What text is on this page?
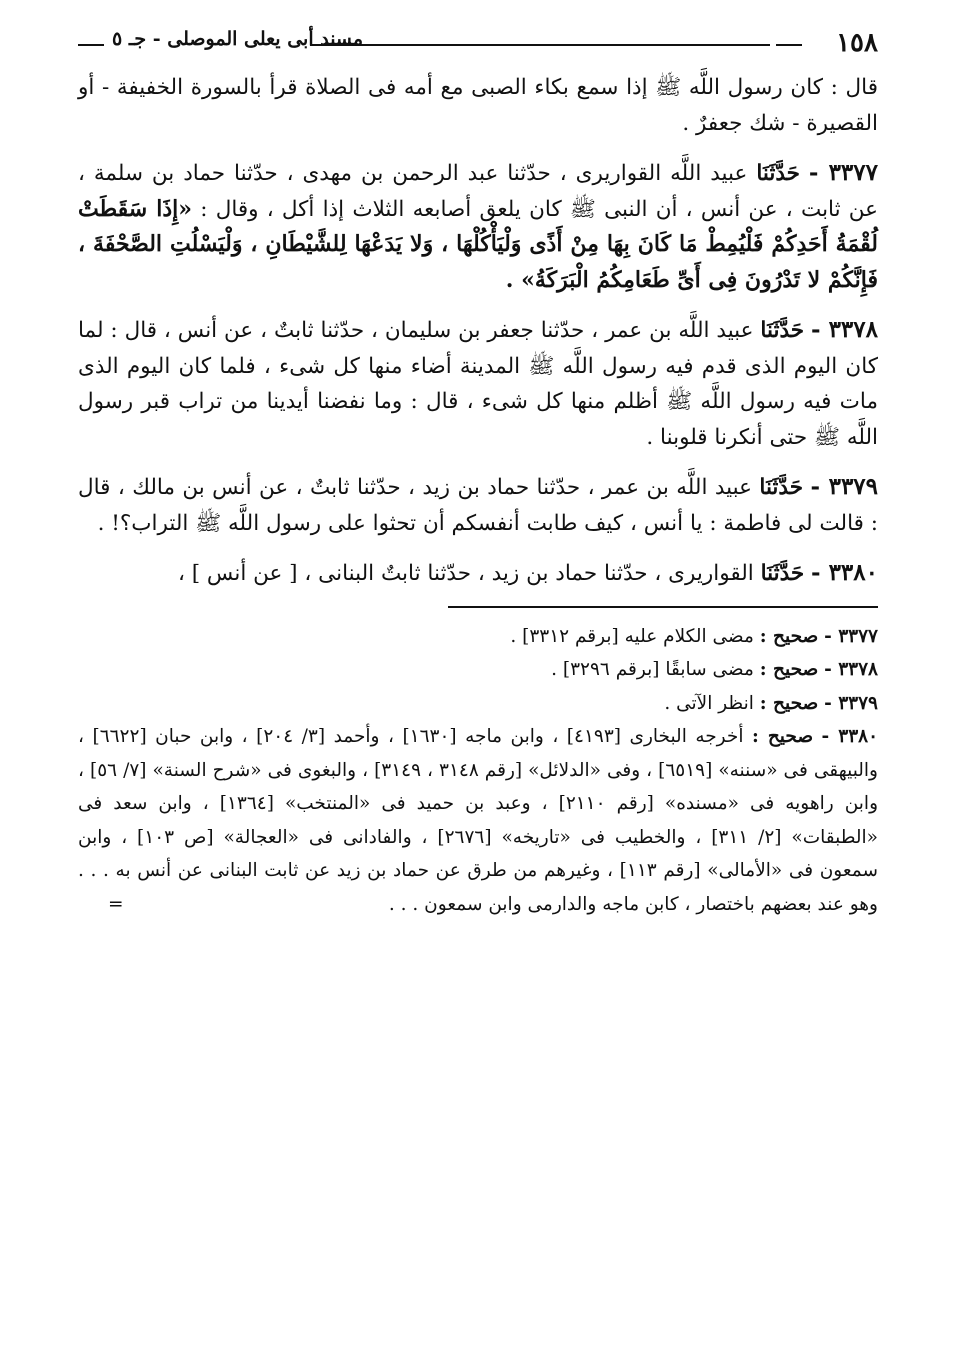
١٥٨
مسند أبى يعلى الموصلى - جـ ٥

قال : كان رسول اللَّه ﷺ إذا سمع بكاء الصبى مع أمه فى الصلاة قرأ بالسورة الخفيفة - أو القصيرة - شك جعفرٌ .

٣٣٧٧ - حَدَّثَنَا عبيد اللَّه القواريرى ، حدّثنا عبد الرحمن بن مهدى ، حدّثنا حماد بن سلمة ، عن ثابت ، عن أنس ، أن النبى ﷺ كان يلعق أصابعه الثلاث إذا أكل ، وقال : «إِذَا سَقَطَتْ لُقْمَةُ أَحَدِكُمْ فَلْيُمِطْ مَا كَانَ بِهَا مِنْ أَذًى وَلْيَأْكُلْهَا ، وَلا يَدَعْهَا لِلشَّيْطَانِ ، وَلْيَسْلُتِ الصَّحْفَةَ ، فَإِنَّكُمْ لا تَدْرُونَ فِى أَىِّ طَعَامِكُمُ الْبَرَكَةُ» .

٣٣٧٨ - حَدَّثَنَا عبيد اللَّه بن عمر ، حدّثنا جعفر بن سليمان ، حدّثنا ثابتٌ ، عن أنس ، قال : لما كان اليوم الذى قدم فيه رسول اللَّه ﷺ المدينة أضاء منها كل شىء ، فلما كان اليوم الذى مات فيه رسول اللَّه ﷺ أظلم منها كل شىء ، قال : وما نفضنا أيدينا من تراب قبر رسول اللَّه ﷺ حتى أنكرنا قلوبنا .

٣٣٧٩ - حَدَّثَنَا عبيد اللَّه بن عمر ، حدّثنا حماد بن زيد ، حدّثنا ثابتٌ ، عن أنس بن مالك ، قال : قالت لى فاطمة : يا أنس ، كيف طابت أنفسكم أن تحثوا على رسول اللَّه ﷺ التراب؟! .

٣٣٨٠ - حَدَّثَنَا القواريرى ، حدّثنا حماد بن زيد ، حدّثنا ثابتٌ البنانى ، [ عن أنس ] ،

٣٣٧٧ - صحيح : مضى الكلام عليه [برقم ٣٣١٢] .

٣٣٧٨ - صحيح : مضى سابقًا [برقم ٣٢٩٦] .

٣٣٧٩ - صحيح : انظر الآتى .

٣٣٨٠ - صحيح : أخرجه البخارى [٤١٩٣] ، وابن ماجه [١٦٣٠] ، وأحمد [٣/ ٢٠٤] ، وابن حبان [٦٦٢٢] ، والبيهقى فى «سننه» [٦٥١٩] ، وفى «الدلائل» [رقم ٣١٤٨ ، ٣١٤٩] ، والبغوى فى «شرح السنة» [٧/ ٥٦] ، وابن راهويه فى «مسنده» [رقم ٢١١٠] ، وعبد بن حميد فى «المنتخب» [١٣٦٤] ، وابن سعد فى «الطبقات» [٢/ ٣١١] ، والخطيب فى «تاريخه» [٢٦٧٦] ، والفادانى فى «العجالة» [ص ١٠٣] ، وابن سمعون فى «الأمالى» [رقم ١١٣] ، وغيرهم من طرق عن حماد بن زيد عن ثابت البنانى عن أنس به . . . وهو عند بعضهم باختصار ، كابن ماجه والدارمى وابن سمعون . . .
=
